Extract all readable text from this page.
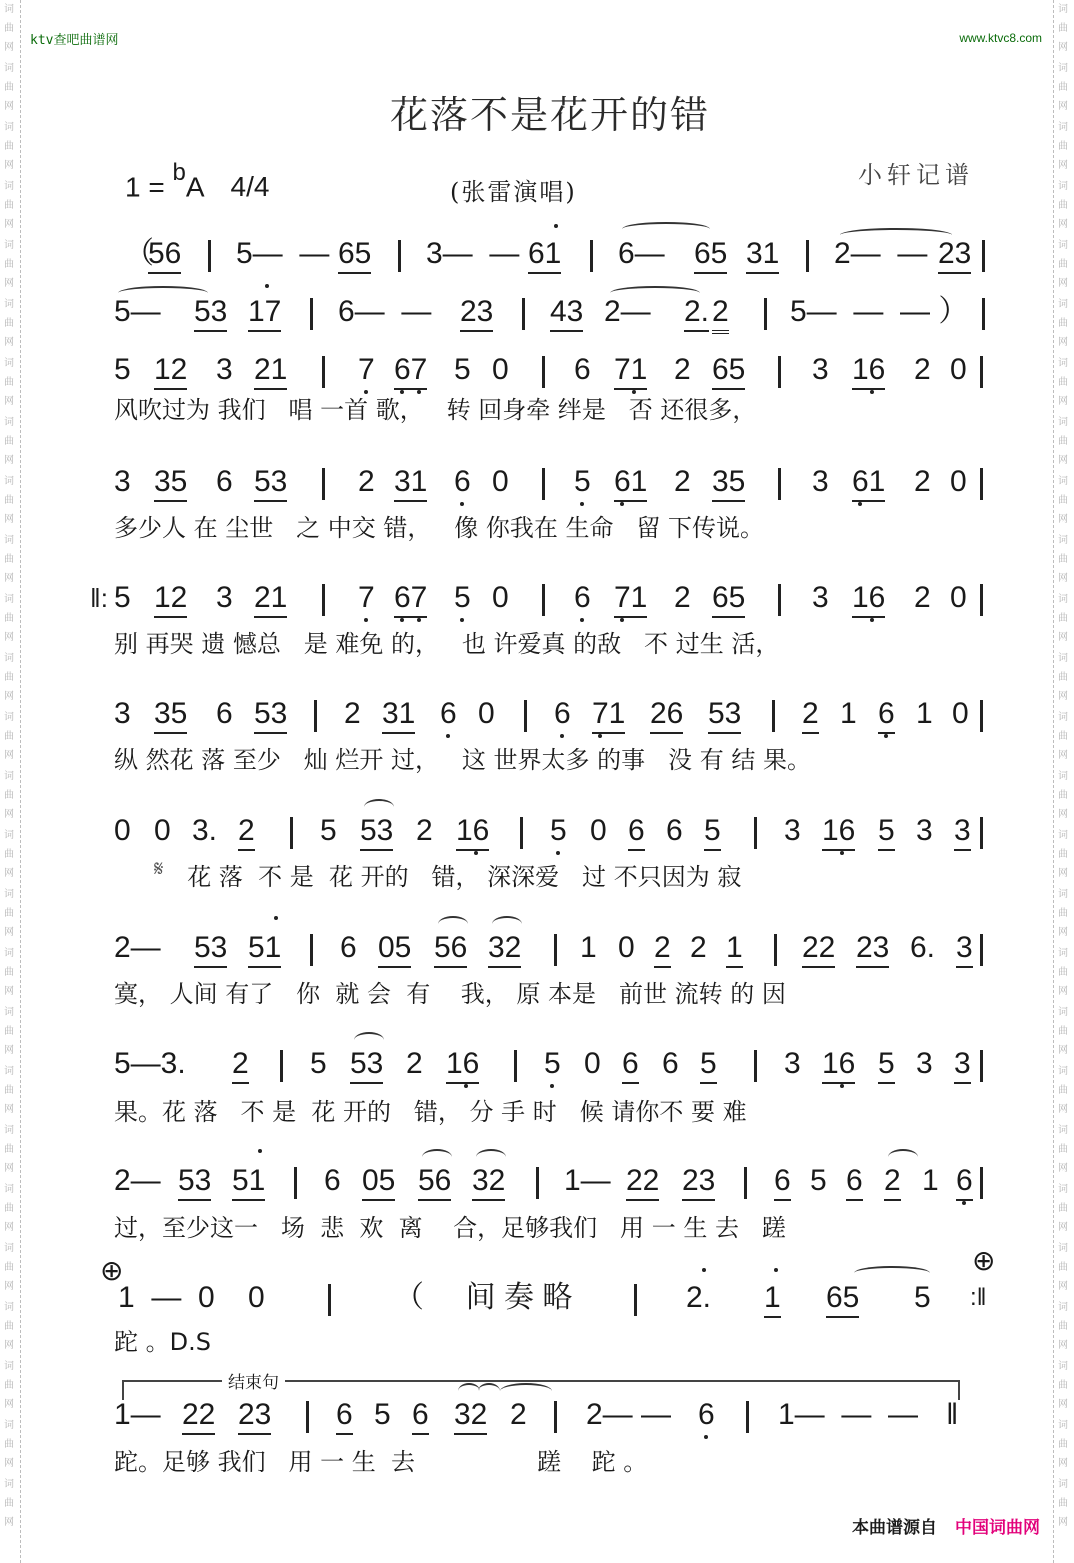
词
曲
网
词
曲
网
词
曲
网
词
曲
网
词
曲
网
词
曲
网
词
曲
网
词
曲
网
词
曲
网
词
曲
网
词
曲
网
词
曲
网
词
曲
网
词
曲
网
词
曲
网
词
曲
网
词
曲
网
词
曲
网
词
曲
网
词
曲
网
词
曲
网
词
曲
网
词
曲
网
词
曲
网
词
曲
网
词
曲
网
词
曲
网
词
曲
网
词
曲
网
词
曲
网
词
曲
网
词
曲
网
词
曲
网
词
曲
网
词
曲
网
词
曲
网
词
曲
网
词
曲
网
词
曲
网
词
曲
网
词
曲
网
词
曲
网
词
曲
网
词
曲
网
词
曲
网
词
曲
网
词
曲
网
词
曲
网
词
曲
网
词
曲
网
词
曲
网
词
曲
网
ktv查吧曲谱网	www.ktvc8.com
花落不是花开的错
1 = $^b$A 4/4	(张雷演唱)
小轩记谱
（
56 5—  — 65 3—  — 61 6— 65 31 2—  — 23
5— 53 17 6—  — 23 43 2— 2. 2 5—  —  — ）
5 12 3 21 7 67 5 0 6 71 2 65 3 16 2 0
风吹过为 我们   唱 一首 歌，   转 回身牵 绊是   否 还很多，
3 35 6 53 2 31 6 0 5 61 2 35 3 61 2 0
多少人 在 尘世   之 中交 错，   像 你我在 生命   留 下传说。
‖: 5 12 3 21 7 67 5 0 6 71 2 65 3 16 2 0
别 再哭 遗 憾总   是 难免 的，   也 许爱真 的敌   不 过生 活，
3 35 6 53 2 31 6 0 6 71 26 53 2 1 6 1 0
纵 然花 落 至少   灿 烂开 过，   这 世界太多 的事   没 有 结 果。
0 0 3. 2 5 53 2 16 5 0 6 6 5 3 16 5 3 3
𝄋 花 落  不 是  花 开的   错， 深深爱   过 不只因为 寂
2— 53 51 6 05 56 32 1 0 2 2 1 22 23 6. 3
寞， 人间 有了   你  就 会  有    我， 原 本是   前世 流转 的 因
5—3. 2 5 53 2 16 5 0 6 6 5 3 16 5 3 3
果。花 落   不 是  花 开的   错， 分 手 时   候 请你不 要 难
2— 53 51 6 05 56 32 1— 22 23 6 5 6 2 1 6
过，至少这一   场  悲  欢  离    合，足够我们   用 一 生 去   蹉
⊕	⊕
1  —  0    0	（     间 奏 略	2. 1 65 5 :‖
跎 。D.S
结束句
1— 22 23 6 5 6 32 2 2— — 6 1—  —  — ‖
跎。足够 我们   用 一 生  去                蹉    跎 。
本曲谱源自 中国词曲网
